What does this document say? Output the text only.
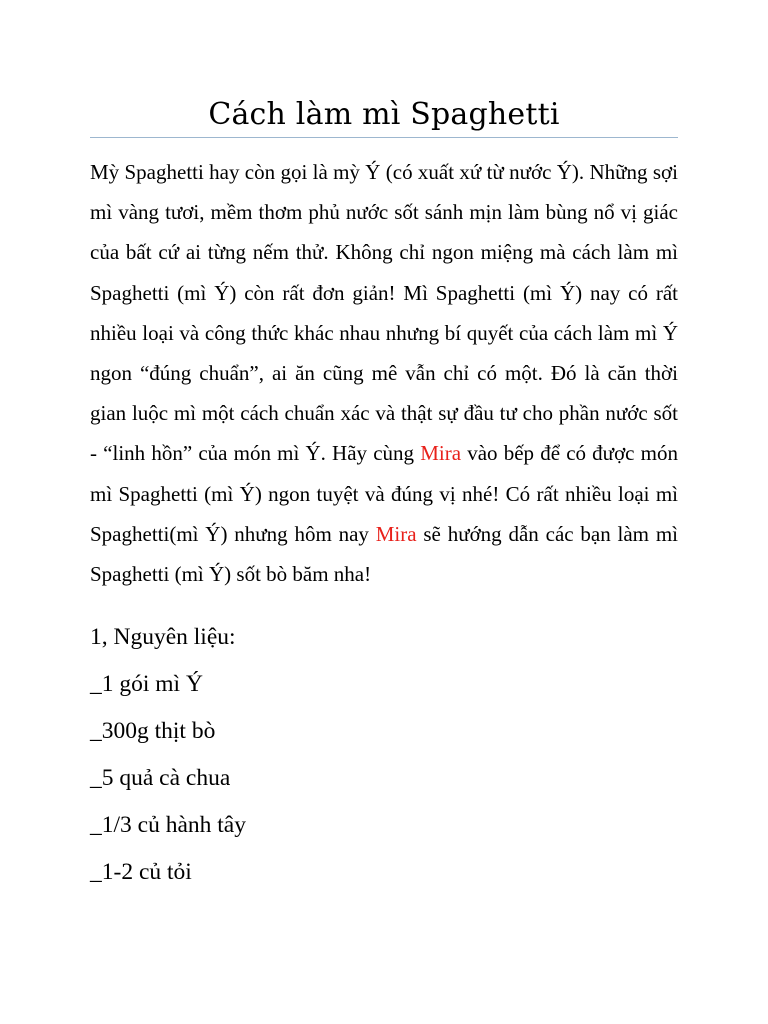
Cách làm mì Spaghetti

Mỳ Spaghetti hay còn gọi là mỳ Ý (có xuất xứ từ nước Ý). Những sợi mì vàng tươi, mềm thơm phủ nước sốt sánh mịn làm bùng nổ vị giác của bất cứ ai từng nếm thử. Không chỉ ngon miệng mà cách làm mì Spaghetti (mì Ý) còn rất đơn giản! Mì Spaghetti (mì Ý) nay có rất nhiều loại và công thức khác nhau nhưng bí quyết của cách làm mì Ý ngon “đúng chuẩn”, ai ăn cũng mê vẫn chỉ có một. Đó là căn thời gian luộc mì một cách chuẩn xác và thật sự đầu tư cho phần nước sốt - “linh hồn” của món mì Ý. Hãy cùng Mira vào bếp để có được món mì Spaghetti (mì Ý) ngon tuyệt và đúng vị nhé! Có rất nhiều loại mì Spaghetti(mì Ý) nhưng hôm nay Mira sẽ hướng dẫn các bạn làm mì Spaghetti (mì Ý) sốt bò băm nha!

1, Nguyên liệu:

_1 gói mì Ý
_300g thịt bò
_5 quả cà chua
_1/3 củ hành tây
_1-2 củ tỏi
